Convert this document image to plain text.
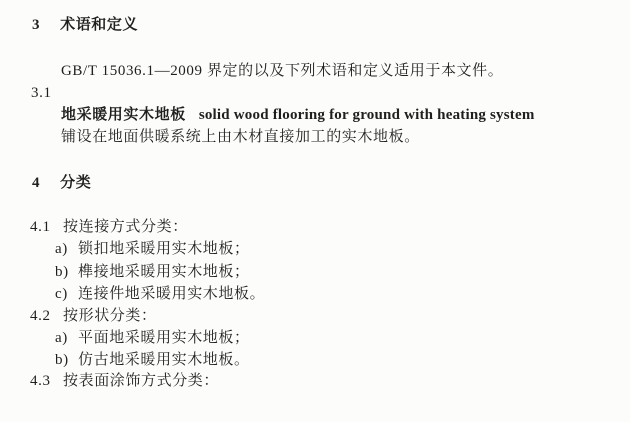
3 术语和定义
GB/T 15036.1—2009 界定的以及下列术语和定义适用于本文件。
3.1
地采暖用实木地板 solid wood flooring for ground with heating system
铺设在地面供暖系统上由木材直接加工的实木地板。
4 分类
4.1 按连接方式分类：
a) 锁扣地采暖用实木地板；
b) 榫接地采暖用实木地板；
c) 连接件地采暖用实木地板。
4.2 按形状分类：
a) 平面地采暖用实木地板；
b) 仿古地采暖用实木地板。
4.3 按表面涂饰方式分类：
